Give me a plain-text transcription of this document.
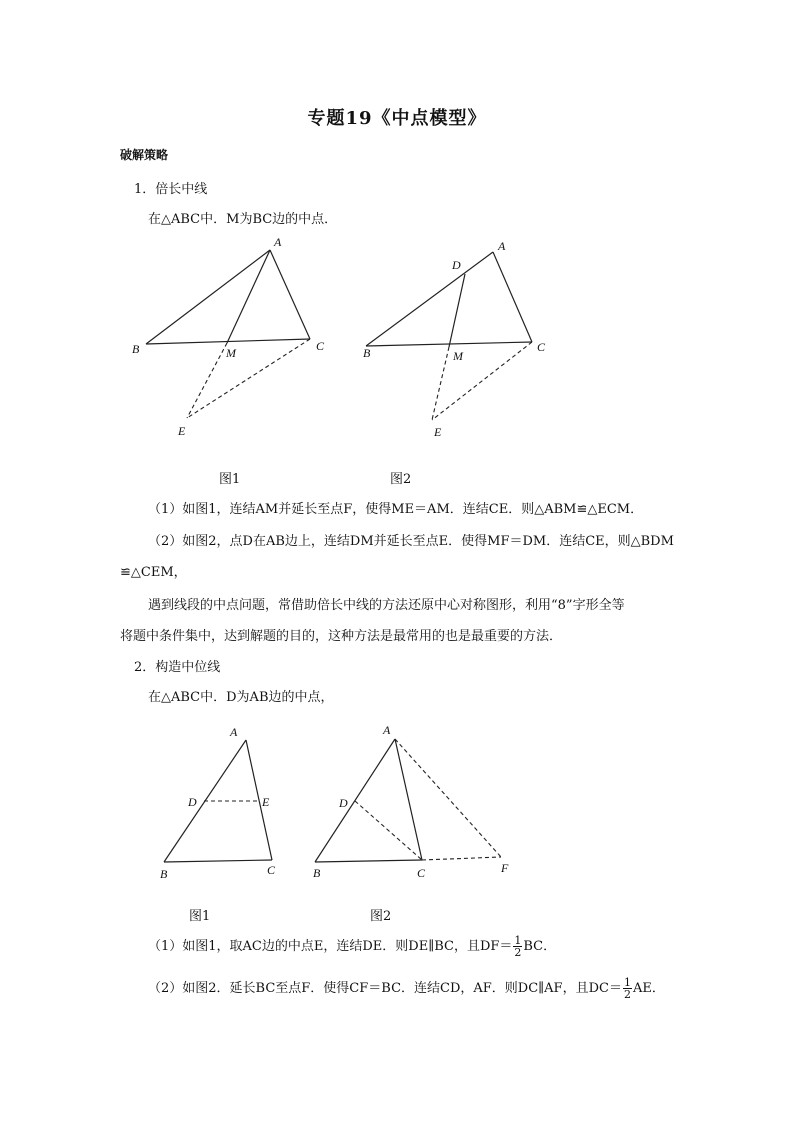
专题19《中点模型》
破解策略
1．倍长中线
在△ABC中．M为BC边的中点．
A
B	C
M
E
A
D
B	C
M
E
图1	图2
（1）如图1，连结AM并延长至点F，使得ME＝AM．连结CE．则△ABM≌△ECM．
（2）如图2，点D在AB边上，连结DM并延长至点E．使得MF＝DM．连结CE，则△BDM
≌△CEM，
遇到线段的中点问题，常借助倍长中线的方法还原中心对称图形，利用“8”字形全等
将题中条件集中，达到解题的目的，这种方法是最常用的也是最重要的方法．
2．构造中位线
在△ABC中．D为AB边的中点，
A
D	E
B	C
A
D
B	C	F
图1	图2
（1）如图1，取AC边的中点E，连结DE．则DE∥BC，且$DF= \frac{1}{2}$ BC．
（2）如图2．延长BC至点F．使得CF＝BC．连结CD，AF．则DC∥AF，且$DC= \frac{1}{2}$ AE．
